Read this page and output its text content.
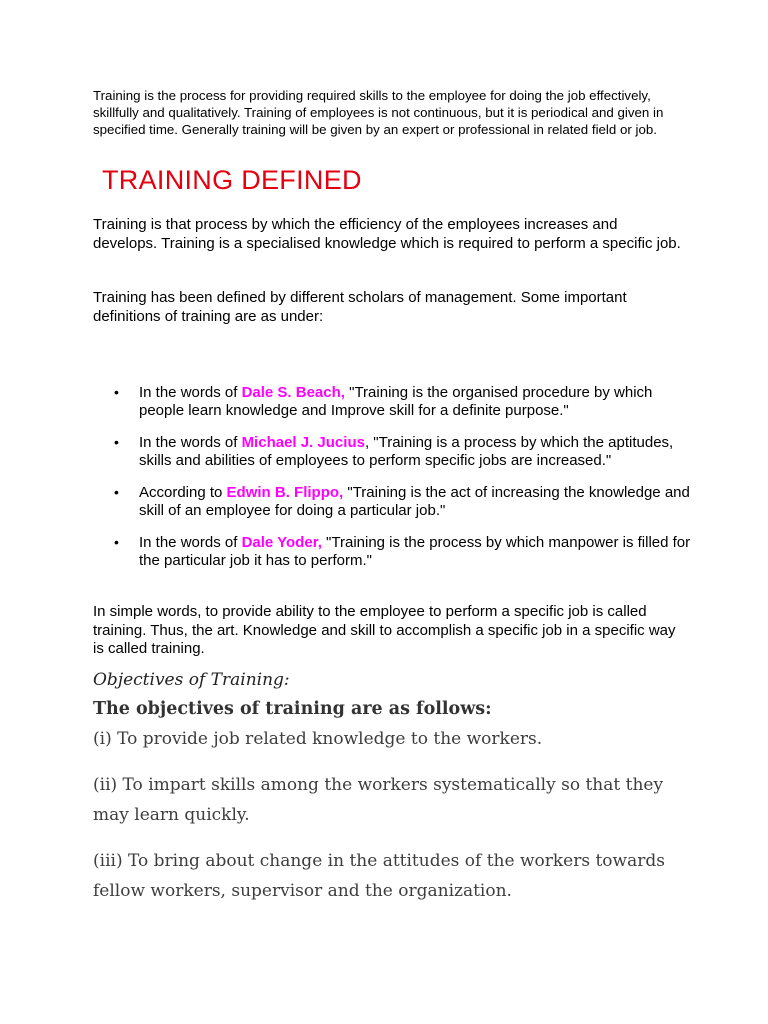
Training is the process for providing required skills to the employee for doing the job effectively, skillfully and qualitatively. Training of employees is not continuous, but it is periodical and given in specified time. Generally training will be given by an expert or professional in related field or job.

TRAINING DEFINED

Training is that process by which the efficiency of the employees increases and develops. Training is a specialised knowledge which is required to perform a specific job.

Training has been defined by different scholars of management. Some important definitions of training are as under:

• In the words of Dale S. Beach, "Training is the organised procedure by which people learn knowledge and Improve skill for a definite purpose."
• In the words of Michael J. Jucius, "Training is a process by which the aptitudes, skills and abilities of employees to perform specific jobs are increased."
• According to Edwin B. Flippo, "Training is the act of increasing the knowledge and skill of an employee for doing a particular job."
• In the words of Dale Yoder, "Training is the process by which manpower is filled for the particular job it has to perform."

In simple words, to provide ability to the employee to perform a specific job is called training. Thus, the art. Knowledge and skill to accomplish a specific job in a specific way is called training.

Objectives of Training:

The objectives of training are as follows:

(i) To provide job related knowledge to the workers.

(ii) To impart skills among the workers systematically so that they may learn quickly.

(iii) To bring about change in the attitudes of the workers towards fellow workers, supervisor and the organization.
